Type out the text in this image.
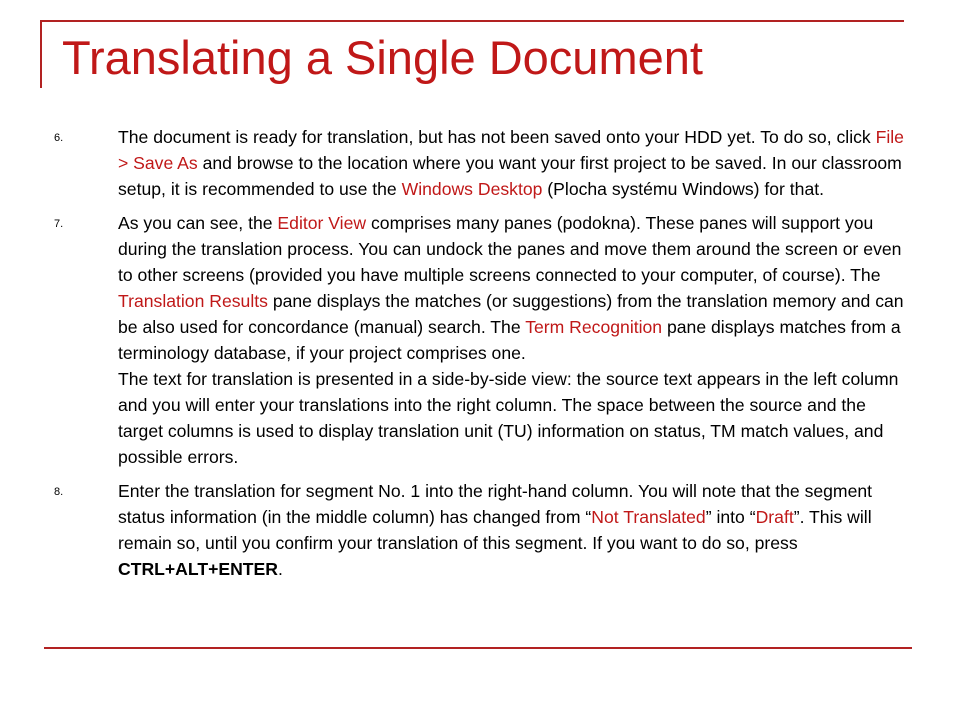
Translating a Single Document
6.	The document is ready for translation, but has not been saved onto your HDD yet. To do so, click File > Save As and browse to the location where you want your first project to be saved. In our classroom setup, it is recommended to use the Windows Desktop (Plocha systému Windows) for that.
7.	As you can see, the Editor View comprises many panes (podokna). These panes will support you during the translation process. You can undock the panes and move them around the screen or even to other screens (provided you have multiple screens connected to your computer, of course). The Translation Results pane displays the matches (or suggestions) from the translation memory and can be also used for concordance (manual) search. The Term Recognition pane displays matches from a terminology database, if your project comprises one.
The text for translation is presented in a side-by-side view: the source text appears in the left column and you will enter your translations into the right column. The space between the source and the target columns is used to display translation unit (TU) information on status, TM match values, and possible errors.
8.	Enter the translation for segment No. 1 into the right-hand column. You will note that the segment status information (in the middle column) has changed from “Not Translated” into “Draft”. This will remain so, until you confirm your translation of this segment. If you want to do so, press CTRL+ALT+ENTER.
